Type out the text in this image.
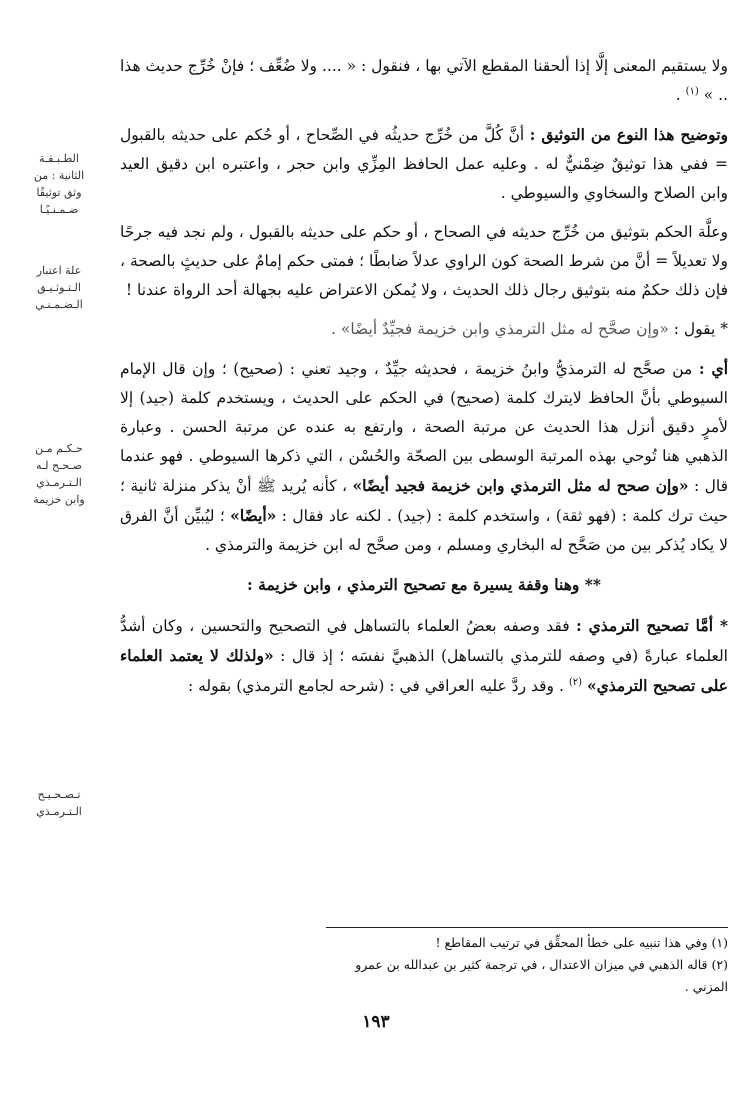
ولا يستقيم المعنى إلَّا إذا ألحقنا المقطع الآتي بها ، فنقول : « .... ولا ضُعِّف ؛ فإنْ خُرِّج حديث هذا .. » $^{(١)}$ .

وتوضيح هذا النوع من التوثيق : أنَّ كُلَّ من خُرِّج حديثُه في الصِّحاح ، أو حُكم على حديثه بالقبول = ففي هذا توثيقٌ ضِمْنيٌّ له . وعليه عمل الحافظ المِزِّي وابن حجر ، واعتبره ابن دقيق العيد وابن الصلاح والسخاوي والسيوطي .

وعلَّة الحكم بتوثيق من خُرِّج حديثه في الصحاح ، أو حكم على حديثه بالقبول ، ولم نجد فيه جرحًا ولا تعديلاً = أنَّ من شرط الصحة كون الراوي عدلاً ضابطًا ؛ فمتى حكم إمامٌ على حديثٍ بالصحة ، فإن ذلك حكمٌ منه بتوثيق رجال ذلك الحديث ، ولا يُمكن الاعتراض عليه بجهالة أحد الرواة عندنا !

* يقول : «وإن صحَّح له مثل الترمذي وابن خزيمة فجيِّدٌ أيضًا» .

أي : من صحَّح له الترمذيُّ وابنُ خزيمة ، فحديثه جيِّدٌ ، وجيد تعني : (صحيح) ؛ وإن قال الإمام السيوطي بأنَّ الحافظ لايترك كلمة (صحيح) في الحكم على الحديث ، ويستخدم كلمة (جيد) إلا لأمرٍ دقيق أنزل هذا الحديث عن مرتبة الصحة ، وارتفع به عنده عن مرتبة الحسن . وعبارة الذهبي هنا تُوحي بهذه المرتبة الوسطى بين الصحّة والحُسْن ، التي ذكرها السيوطي . فهو عندما قال : «وإن صحح له مثل الترمذي وابن خزيمة فجيد أيضًا» ، كأنه يُريد ﷺ أنْ يذكر منزلة ثانية ؛ حيث ترك كلمة : (فهو ثقة) ، واستخدم كلمة : (جيد) . لكنه عاد فقال : «أيضًا» ؛ ليُبيِّن أنَّ الفرق لا يكاد يُذكر بين من صَحَّح له البخاري ومسلم ، ومن صحَّح له ابن خزيمة والترمذي .

** وهنا وقفة يسيرة مع تصحيح الترمذي ، وابن خزيمة :

* أمَّا تصحيح الترمذي : فقد وصفه بعضُ العلماء بالتساهل في التصحيح والتحسين ، وكان أشدُّ العلماء عبارةً (في وصفه للترمذي بالتساهل) الذهبيَّ نفسَه ؛ إذ قال : «ولذلك لا يعتمد العلماء على تصحيح الترمذي» $^{(٢)}$ . وقد ردَّ عليه العراقي في : (شرحه لجامع الترمذي) بقوله :

الطـبـقـة
الثانية : من
وثق توثيقًا
ضـمـنـيًـا
علة اعتبار
الـتـوثـيـق
الـضـمـنـي
حـكـم مـن
صـحـح لـه
الـتـرمـذي
وابن خزيمة
تـصـحـيـح
الـتـرمـذي
(١) وفي هذا تنبيه على خطأ المحقِّق في ترتيب المقاطع !
(٢) قاله الذهبي في ميزان الاعتدال ، في ترجمة كثير بن عبدالله بن عمرو المزني .
١٩٣
